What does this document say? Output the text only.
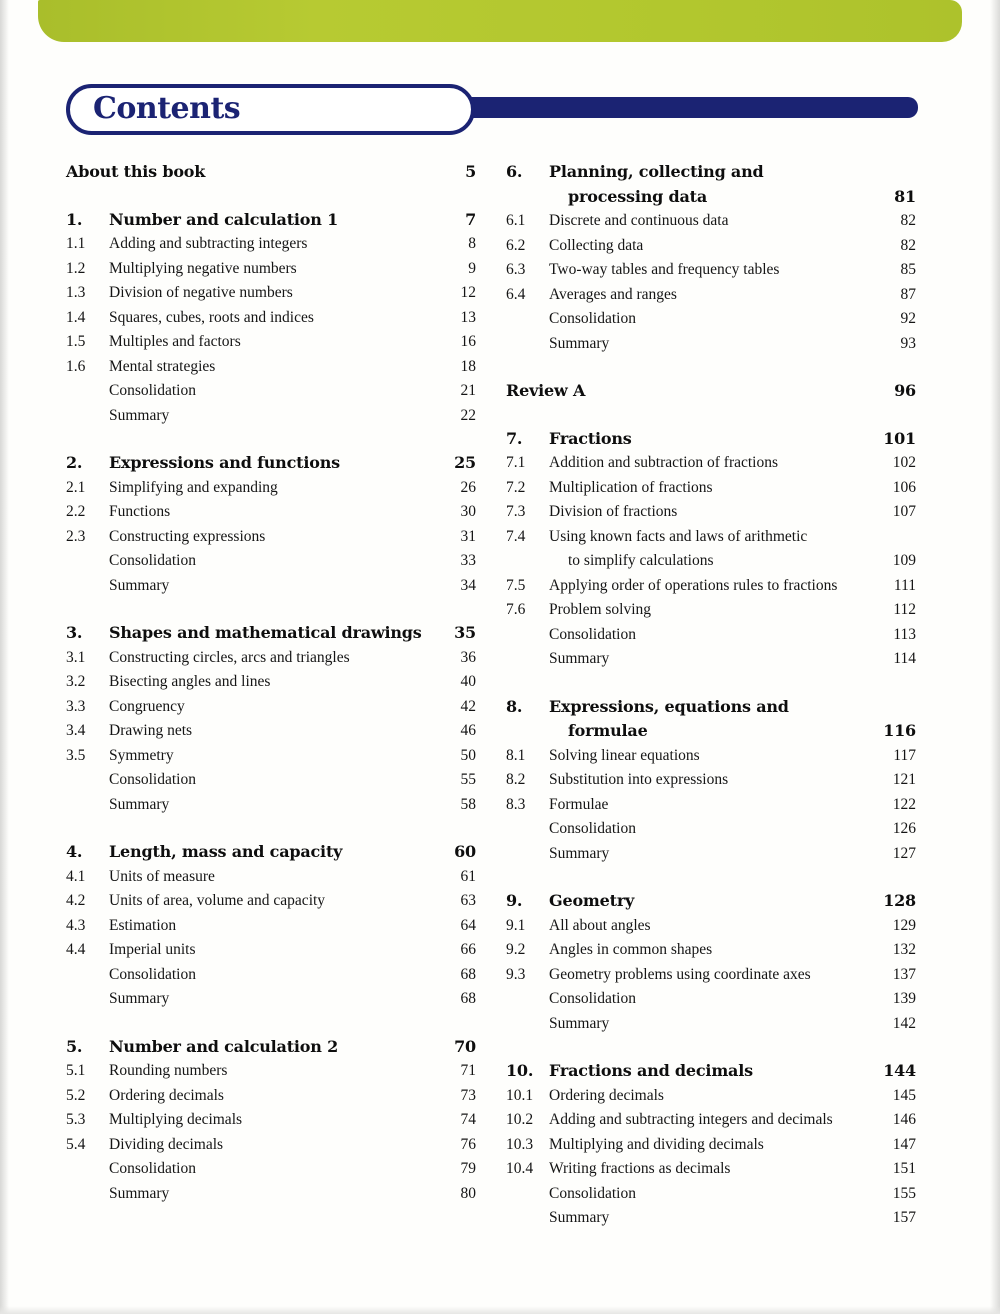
Contents
About this book	5
1.	Number and calculation 1	7
1.1	Adding and subtracting integers	8
1.2	Multiplying negative numbers	9
1.3	Division of negative numbers	12
1.4	Squares, cubes, roots and indices	13
1.5	Multiples and factors	16
1.6	Mental strategies	18
Consolidation	21
Summary	22
2.	Expressions and functions	25
2.1	Simplifying and expanding	26
2.2	Functions	30
2.3	Constructing expressions	31
Consolidation	33
Summary	34
3.	Shapes and mathematical drawings	35
3.1	Constructing circles, arcs and triangles	36
3.2	Bisecting angles and lines	40
3.3	Congruency	42
3.4	Drawing nets	46
3.5	Symmetry	50
Consolidation	55
Summary	58
4.	Length, mass and capacity	60
4.1	Units of measure	61
4.2	Units of area, volume and capacity	63
4.3	Estimation	64
4.4	Imperial units	66
Consolidation	68
Summary	68
5.	Number and calculation 2	70
5.1	Rounding numbers	71
5.2	Ordering decimals	73
5.3	Multiplying decimals	74
5.4	Dividing decimals	76
Consolidation	79
Summary	80
6.	Planning, collecting and
processing data	81
6.1	Discrete and continuous data	82
6.2	Collecting data	82
6.3	Two-way tables and frequency tables	85
6.4	Averages and ranges	87
Consolidation	92
Summary	93
Review A	96
7.	Fractions	101
7.1	Addition and subtraction of fractions	102
7.2	Multiplication of fractions	106
7.3	Division of fractions	107
7.4	Using known facts and laws of arithmetic
to simplify calculations	109
7.5	Applying order of operations rules to fractions	111
7.6	Problem solving	112
Consolidation	113
Summary	114
8.	Expressions, equations and
formulae	116
8.1	Solving linear equations	117
8.2	Substitution into expressions	121
8.3	Formulae	122
Consolidation	126
Summary	127
9.	Geometry	128
9.1	All about angles	129
9.2	Angles in common shapes	132
9.3	Geometry problems using coordinate axes	137
Consolidation	139
Summary	142
10. Fractions and decimals	144
10.1	Ordering decimals	145
10.2	Adding and subtracting integers and decimals	146
10.3	Multiplying and dividing decimals	147
10.4	Writing fractions as decimals	151
Consolidation	155
Summary	157
